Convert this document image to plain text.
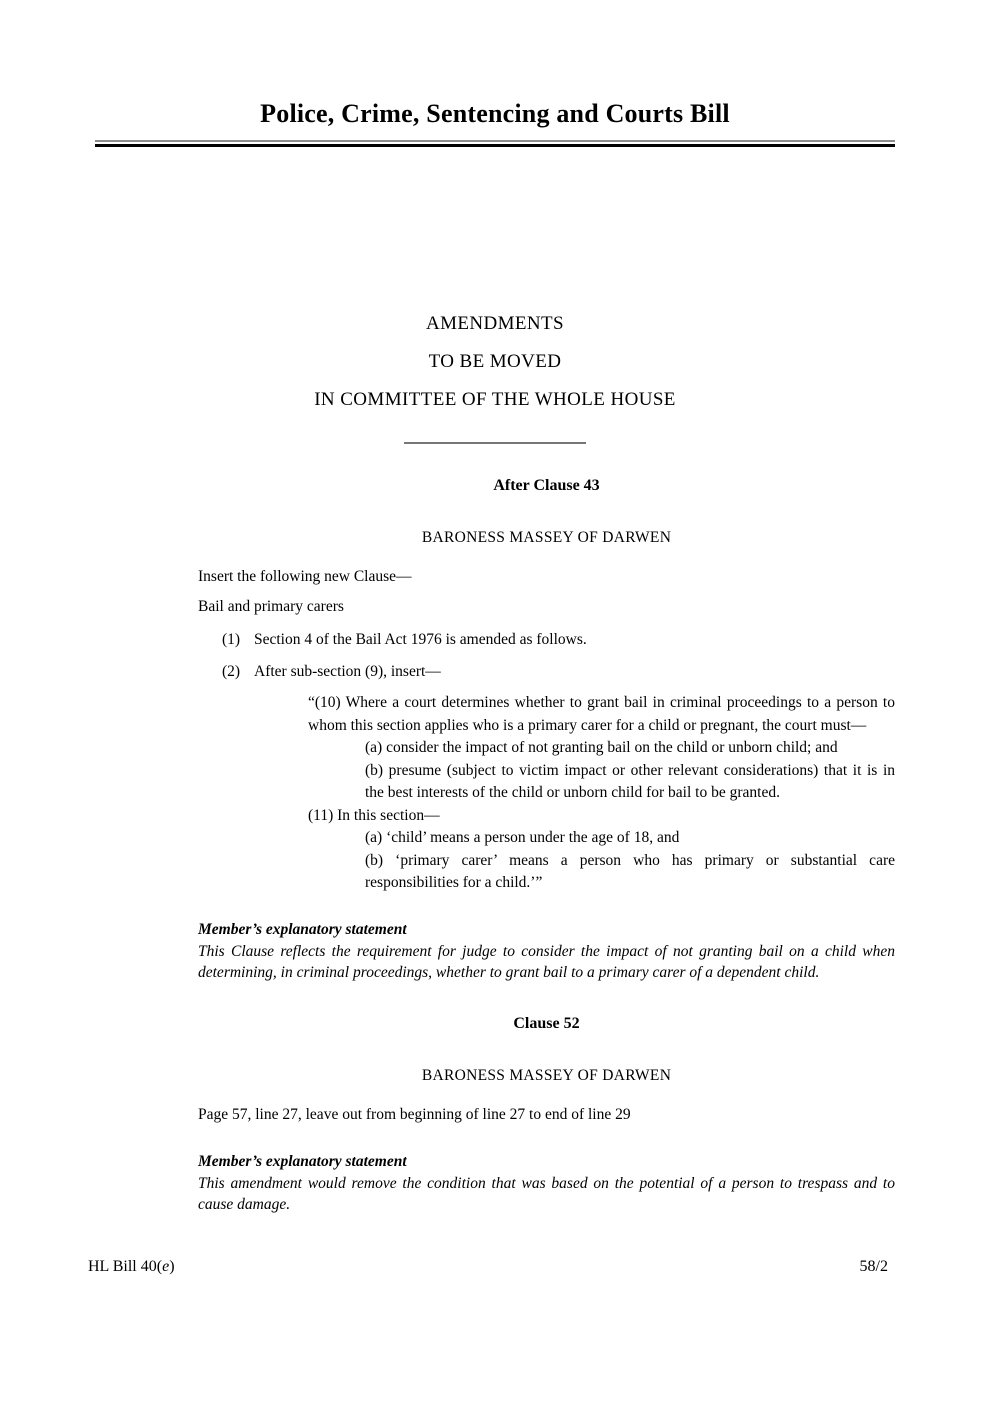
Police, Crime, Sentencing and Courts Bill
AMENDMENTS
TO BE MOVED
IN COMMITTEE OF THE WHOLE HOUSE
After Clause 43
BARONESS MASSEY OF DARWEN

Insert the following new Clause—

Bail and primary carers

(1) Section 4 of the Bail Act 1976 is amended as follows.
(2) After sub-section (9), insert—

“(10) Where a court determines whether to grant bail in criminal proceedings to a person to whom this section applies who is a primary carer for a child or pregnant, the court must—

(a) consider the impact of not granting bail on the child or unborn child; and

(b) presume (subject to victim impact or other relevant considerations) that it is in the best interests of the child or unborn child for bail to be granted.

(11) In this section—

(a) ‘child’ means a person under the age of 18, and

(b) ‘primary carer’ means a person who has primary or substantial care responsibilities for a child.’”

Member’s explanatory statement

This Clause reflects the requirement for judge to consider the impact of not granting bail on a child when determining, in criminal proceedings, whether to grant bail to a primary carer of a dependent child.

Clause 52
BARONESS MASSEY OF DARWEN

Page 57, line 27, leave out from beginning of line 27 to end of line 29

Member’s explanatory statement

This amendment would remove the condition that was based on the potential of a person to trespass and to cause damage.

HL Bill 40(e)	58/2
